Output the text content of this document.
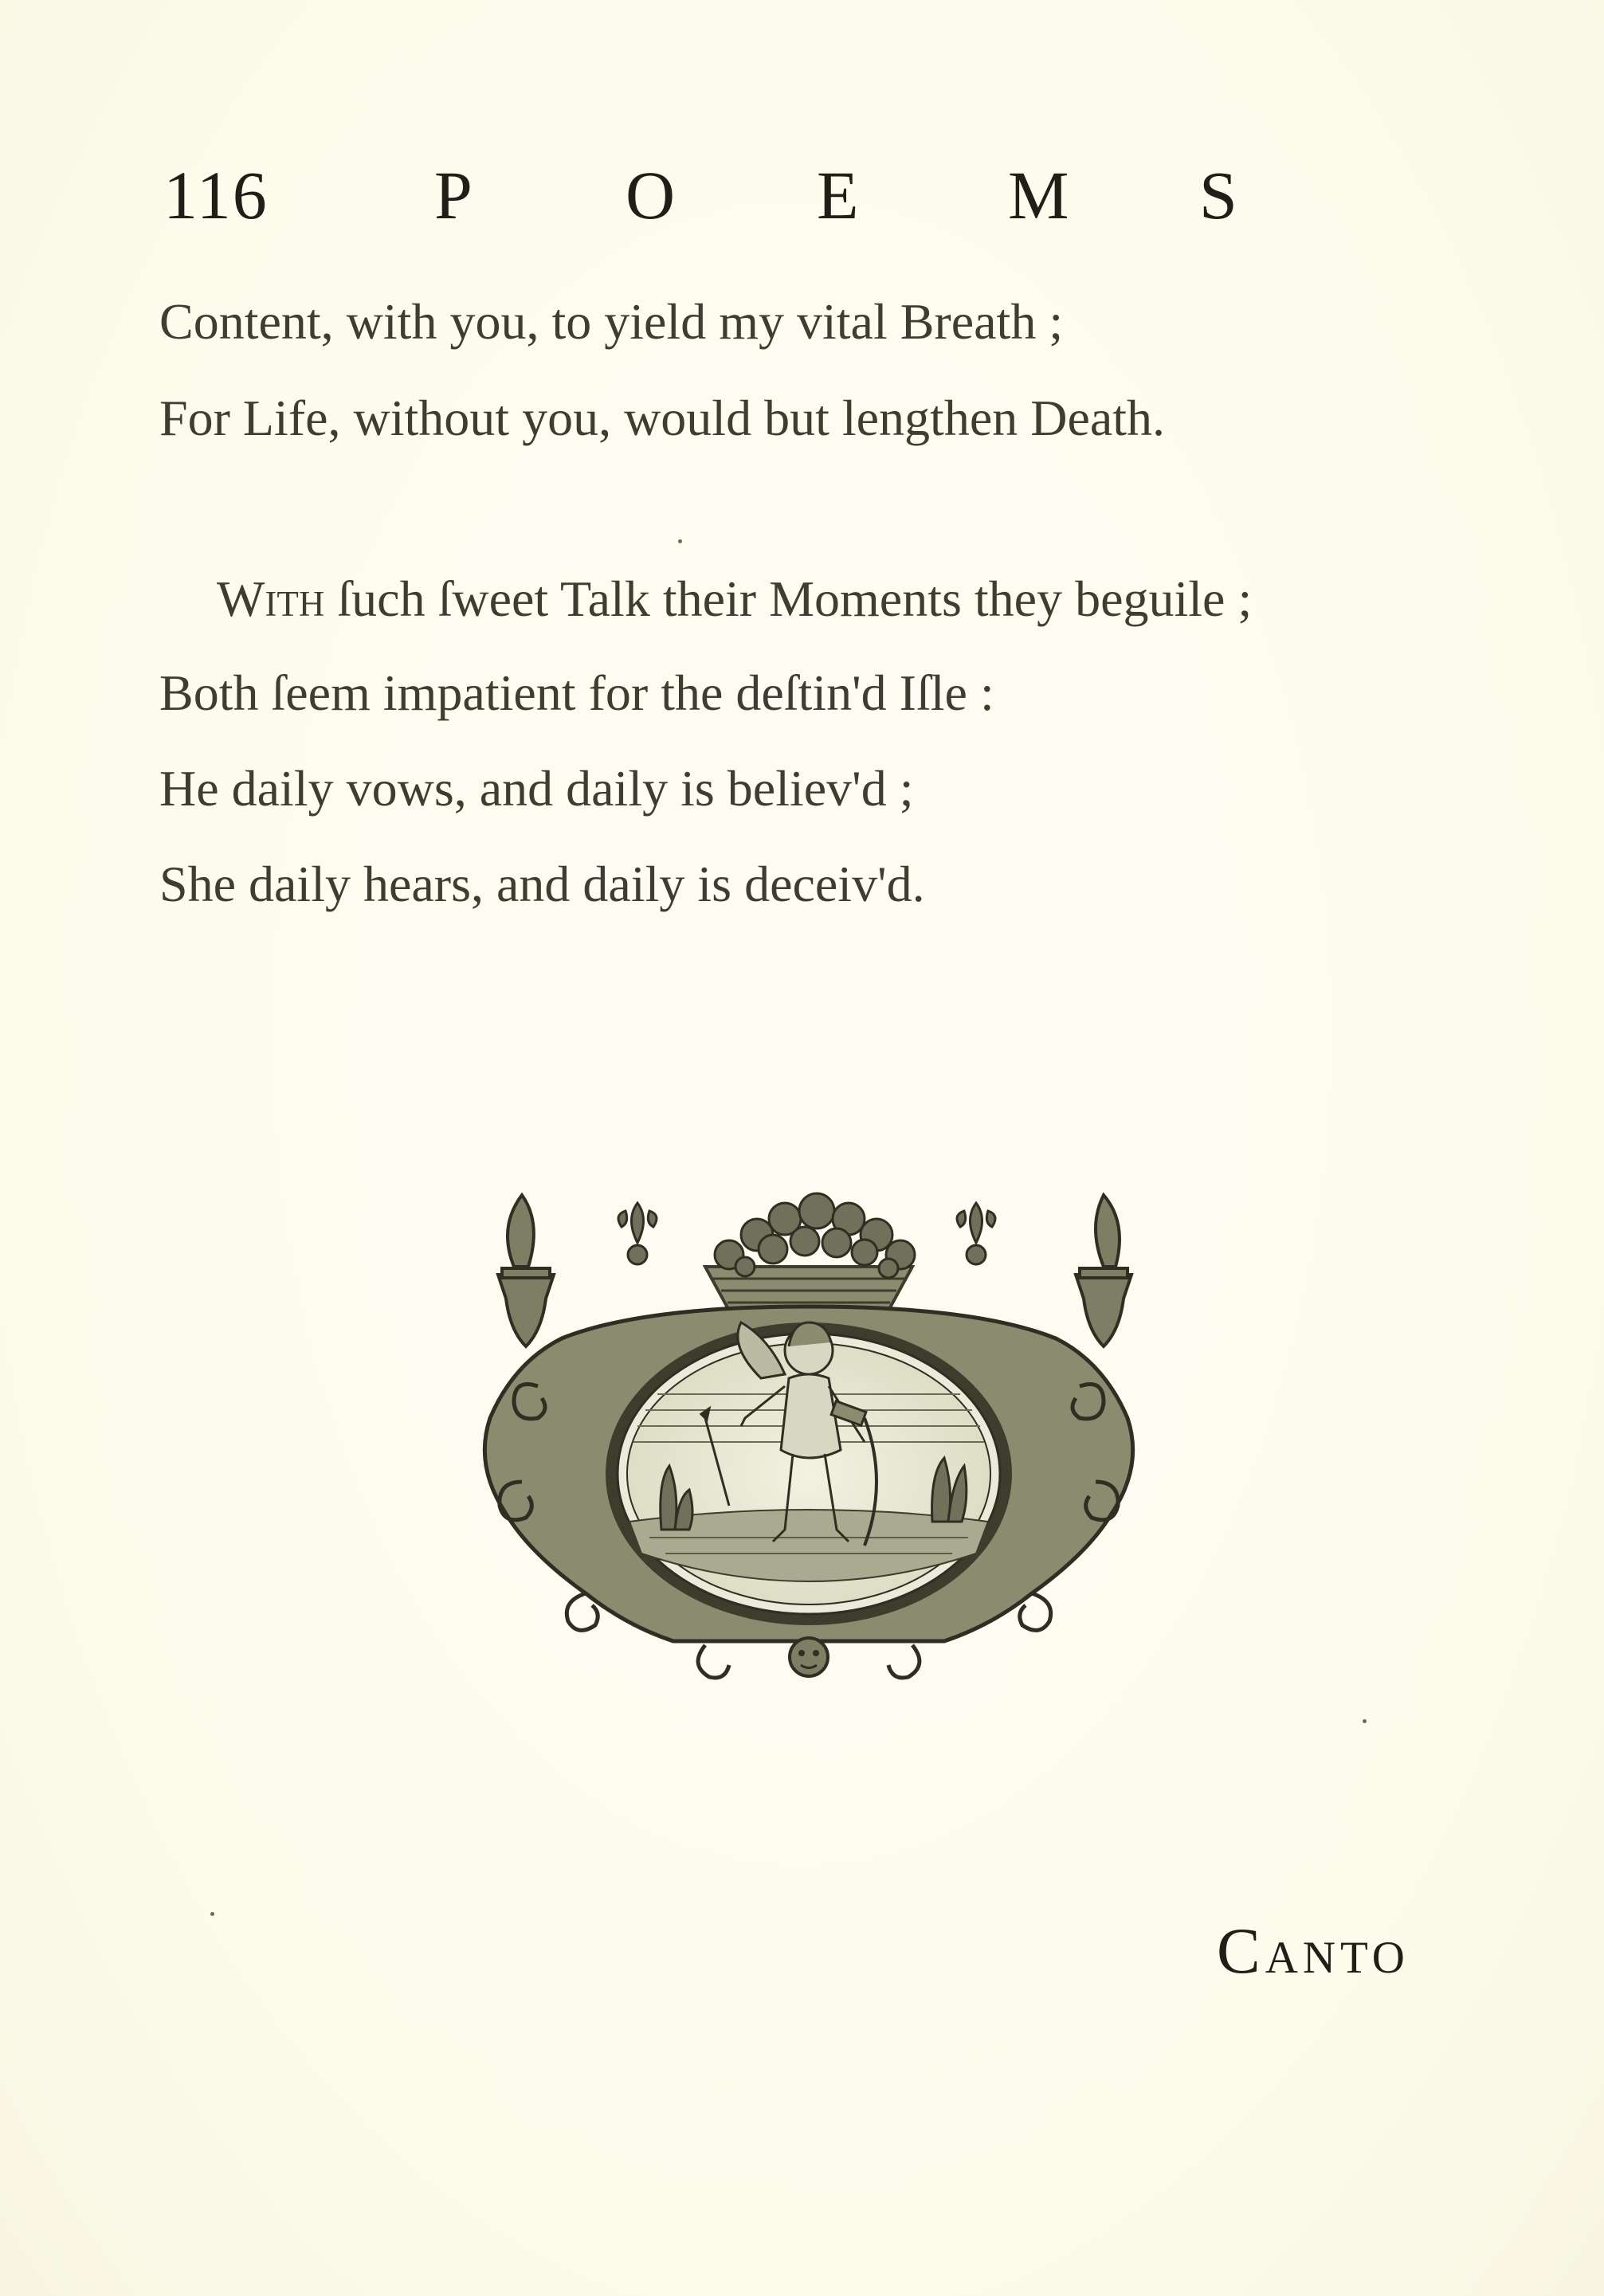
116 P	O	E	M	S
Content, with you, to yield my vital Breath ;
For Life, without you, would but lengthen Death.
With ſuch ſweet Talk their Moments they beguile ;
Both ſeem impatient for the deſtin'd Iſle :
He daily vows, and daily is believ'd ;
She daily hears, and daily is deceiv'd.
Canto
